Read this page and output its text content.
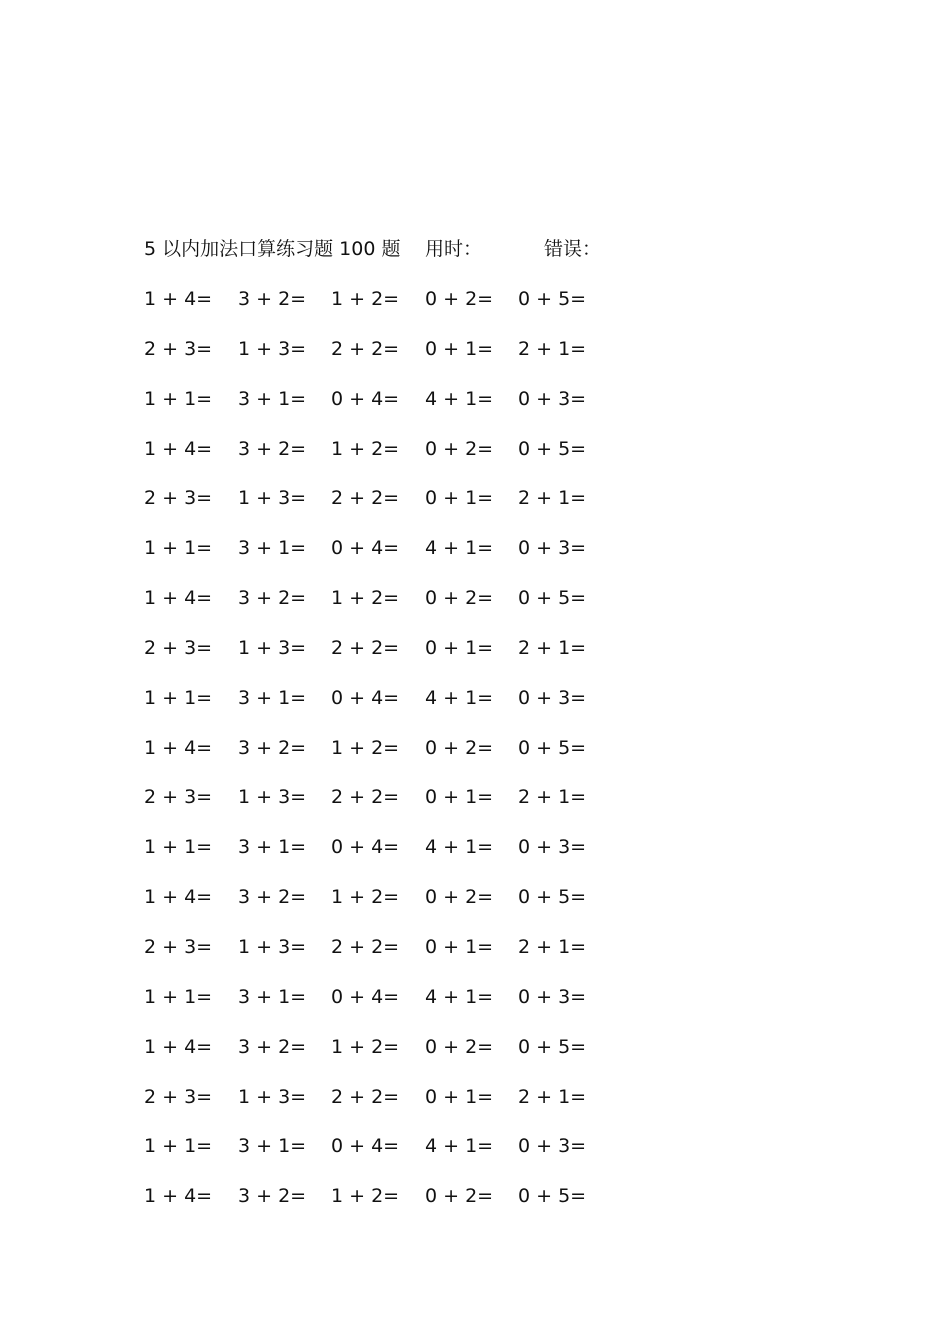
5 以内加法口算练习题 100 题 用时：	错误：
1 + 4= 3 + 2= 1 + 2= 0 + 2= 0 + 5=
2 + 3= 1 + 3= 2 + 2= 0 + 1= 2 + 1=
1 + 1= 3 + 1= 0 + 4= 4 + 1= 0 + 3=
1 + 4= 3 + 2= 1 + 2= 0 + 2= 0 + 5=
2 + 3= 1 + 3= 2 + 2= 0 + 1= 2 + 1=
1 + 1= 3 + 1= 0 + 4= 4 + 1= 0 + 3=
1 + 4= 3 + 2= 1 + 2= 0 + 2= 0 + 5=
2 + 3= 1 + 3= 2 + 2= 0 + 1= 2 + 1=
1 + 1= 3 + 1= 0 + 4= 4 + 1= 0 + 3=
1 + 4= 3 + 2= 1 + 2= 0 + 2= 0 + 5=
2 + 3= 1 + 3= 2 + 2= 0 + 1= 2 + 1=
1 + 1= 3 + 1= 0 + 4= 4 + 1= 0 + 3=
1 + 4= 3 + 2= 1 + 2= 0 + 2= 0 + 5=
2 + 3= 1 + 3= 2 + 2= 0 + 1= 2 + 1=
1 + 1= 3 + 1= 0 + 4= 4 + 1= 0 + 3=
1 + 4= 3 + 2= 1 + 2= 0 + 2= 0 + 5=
2 + 3= 1 + 3= 2 + 2= 0 + 1= 2 + 1=
1 + 1= 3 + 1= 0 + 4= 4 + 1= 0 + 3=
1 + 4= 3 + 2= 1 + 2= 0 + 2= 0 + 5=
